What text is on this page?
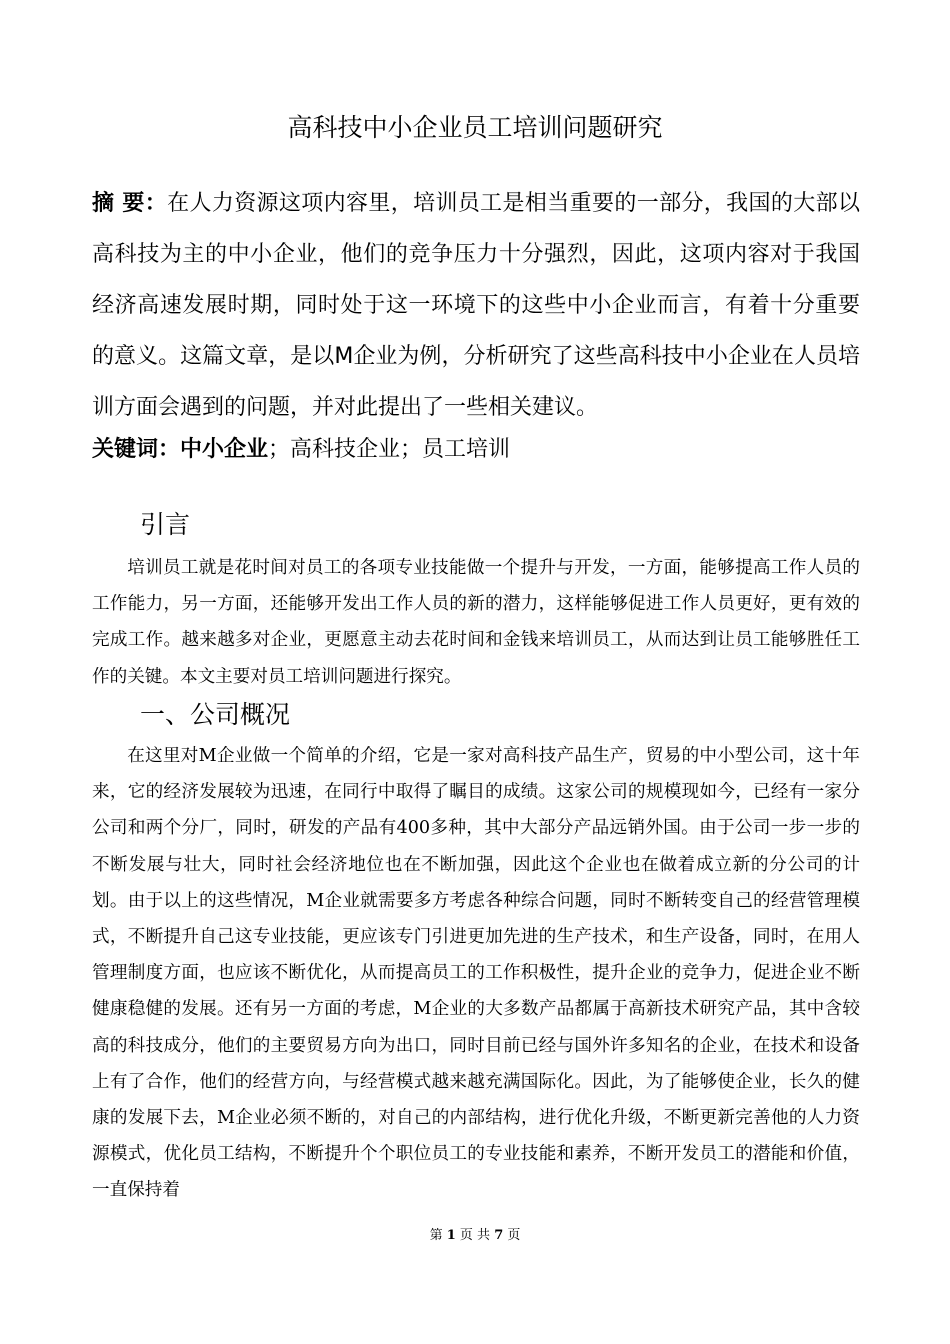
高科技中小企业员工培训问题研究
摘 要：在人力资源这项内容里，培训员工是相当重要的一部分，我国的大部以高科技为主的中小企业，他们的竞争压力十分强烈，因此，这项内容对于我国经济高速发展时期，同时处于这一环境下的这些中小企业而言，有着十分重要的意义。这篇文章，是以M企业为例，分析研究了这些高科技中小企业在人员培训方面会遇到的问题，并对此提出了一些相关建议。
关键词：中小企业；高科技企业；员工培训
引言
培训员工就是花时间对员工的各项专业技能做一个提升与开发，一方面，能够提高工作人员的工作能力，另一方面，还能够开发出工作人员的新的潜力，这样能够促进工作人员更好，更有效的完成工作。越来越多对企业，更愿意主动去花时间和金钱来培训员工，从而达到让员工能够胜任工作的关键。本文主要对员工培训问题进行探究。
一、公司概况
在这里对M企业做一个简单的介绍，它是一家对高科技产品生产，贸易的中小型公司，这十年来，它的经济发展较为迅速，在同行中取得了瞩目的成绩。这家公司的规模现如今，已经有一家分公司和两个分厂，同时，研发的产品有400多种，其中大部分产品远销外国。由于公司一步一步的不断发展与壮大，同时社会经济地位也在不断加强，因此这个企业也在做着成立新的分公司的计划。由于以上的这些情况，M企业就需要多方考虑各种综合问题，同时不断转变自己的经营管理模式，不断提升自己这专业技能，更应该专门引进更加先进的生产技术，和生产设备，同时，在用人管理制度方面，也应该不断优化，从而提高员工的工作积极性，提升企业的竞争力，促进企业不断健康稳健的发展。还有另一方面的考虑，M企业的大多数产品都属于高新技术研究产品，其中含较高的科技成分，他们的主要贸易方向为出口，同时目前已经与国外许多知名的企业，在技术和设备上有了合作，他们的经营方向，与经营模式越来越充满国际化。因此，为了能够使企业，长久的健康的发展下去，M企业必须不断的，对自己的内部结构，进行优化升级，不断更新完善他的人力资源模式，优化员工结构，不断提升个个职位员工的专业技能和素养，不断开发员工的潜能和价值，一直保持着
第 1 页 共 7 页
